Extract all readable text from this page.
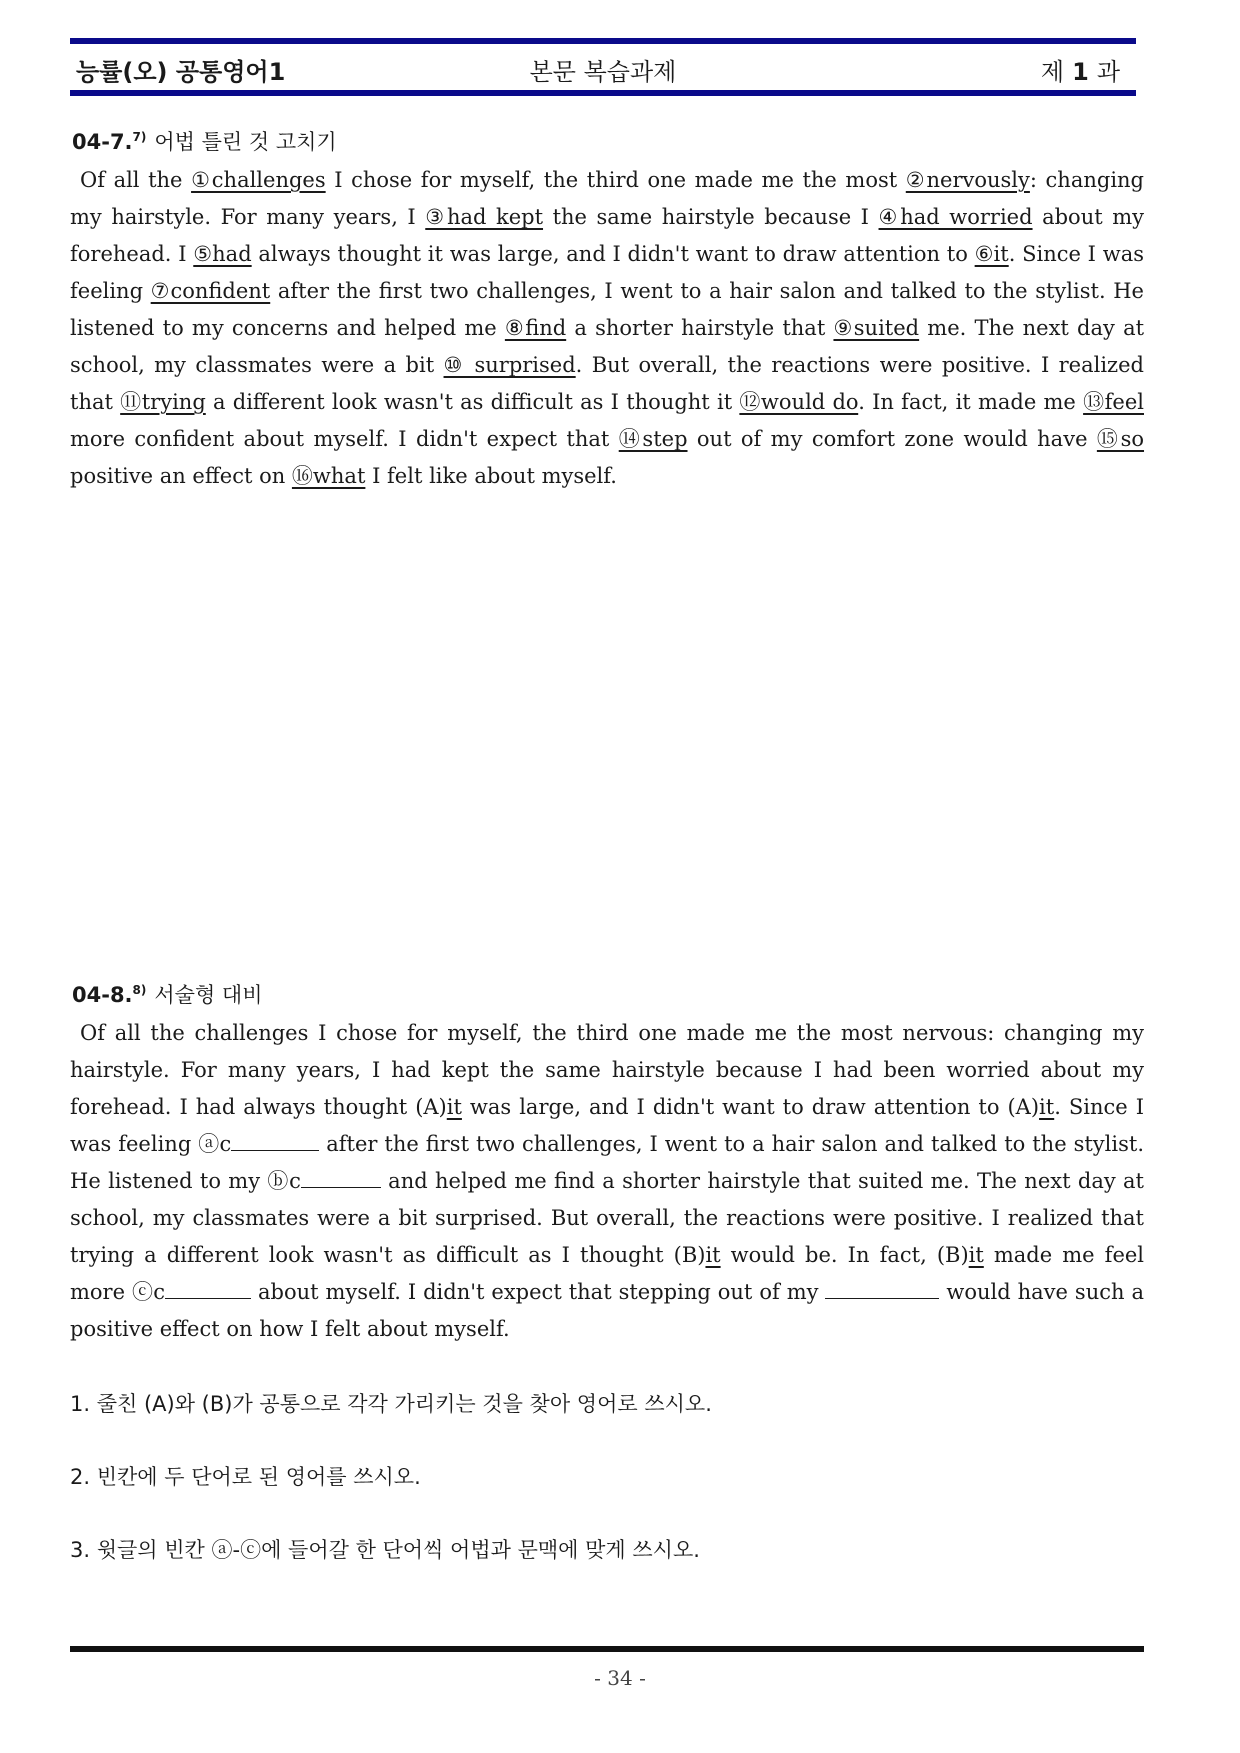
능률(오) 공통영어1	본문 복습과제	제 1 과
04-7.$^{7)}$ 어법 틀린 것 고치기
Of all the ①challenges I chose for myself, the third one made me the most ②nervously: changing my hairstyle. For many years, I ③had kept the same hairstyle because I ④had worried about my forehead. I ⑤had always thought it was large, and I didn't want to draw attention to ⑥it. Since I was feeling ⑦confident after the first two challenges, I went to a hair salon and talked to the stylist. He listened to my concerns and helped me ⑧find a shorter hairstyle that ⑨suited me. The next day at school, my classmates were a bit ⑩ surprised. But overall, the reactions were positive. I realized that ⑪trying a different look wasn't as difficult as I thought it ⑫would do. In fact, it made me ⑬feel more confident about myself. I didn't expect that ⑭step out of my comfort zone would have ⑮so positive an effect on ⑯what I felt like about myself.
04-8.$^{8)}$ 서술형 대비
Of all the challenges I chose for myself, the third one made me the most nervous: changing my hairstyle. For many years, I had kept the same hairstyle because I had been worried about my forehead. I had always thought (A)it was large, and I didn't want to draw attention to (A)it. Since I was feeling ⓐc	after the first two challenges, I went to a hair salon and talked to the stylist. He listened to my ⓑc	and helped me find a shorter hairstyle that suited me. The next day at school, my classmates were a bit surprised. But overall, the reactions were positive. I realized that trying a different look wasn't as difficult as I thought (B)it would be. In fact, (B)it made me feel more ⓒc	about myself. I didn't expect that stepping out of my	would have such a positive effect on how I felt about myself.
1. 줄친 (A)와 (B)가 공통으로 각각 가리키는 것을 찾아 영어로 쓰시오.
2. 빈칸에 두 단어로 된 영어를 쓰시오.
3. 윗글의 빈칸 ⓐ-ⓒ에 들어갈 한 단어씩 어법과 문맥에 맞게 쓰시오.
- 34 -
